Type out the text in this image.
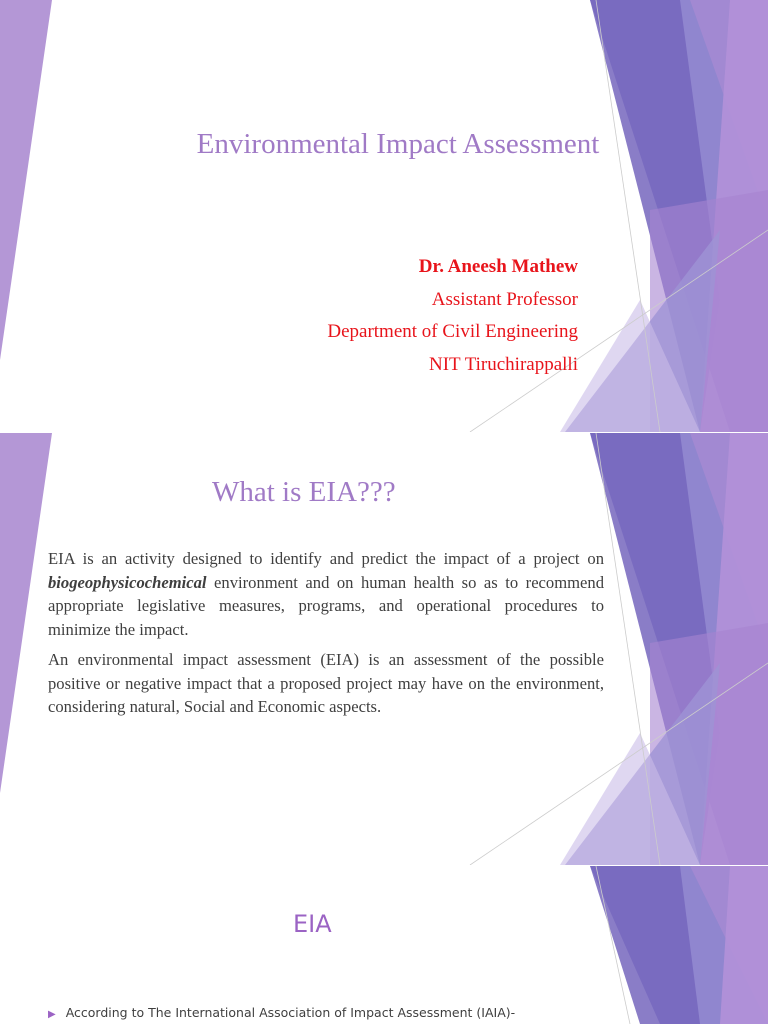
Environmental Impact Assessment
Dr. Aneesh Mathew
Assistant Professor
Department of Civil Engineering
NIT Tiruchirappalli
What is EIA???

EIA is an activity designed to identify and predict the impact of a project on biogeophysicochemical environment and on human health so as to recommend appropriate legislative measures, programs, and operational procedures to minimize the impact.

An environmental impact assessment (EIA) is an assessment of the possible positive or negative impact that a proposed project may have on the environment, considering natural, Social and Economic aspects.

EIA
▶ According to The International Association of Impact Assessment (IAIA)-
